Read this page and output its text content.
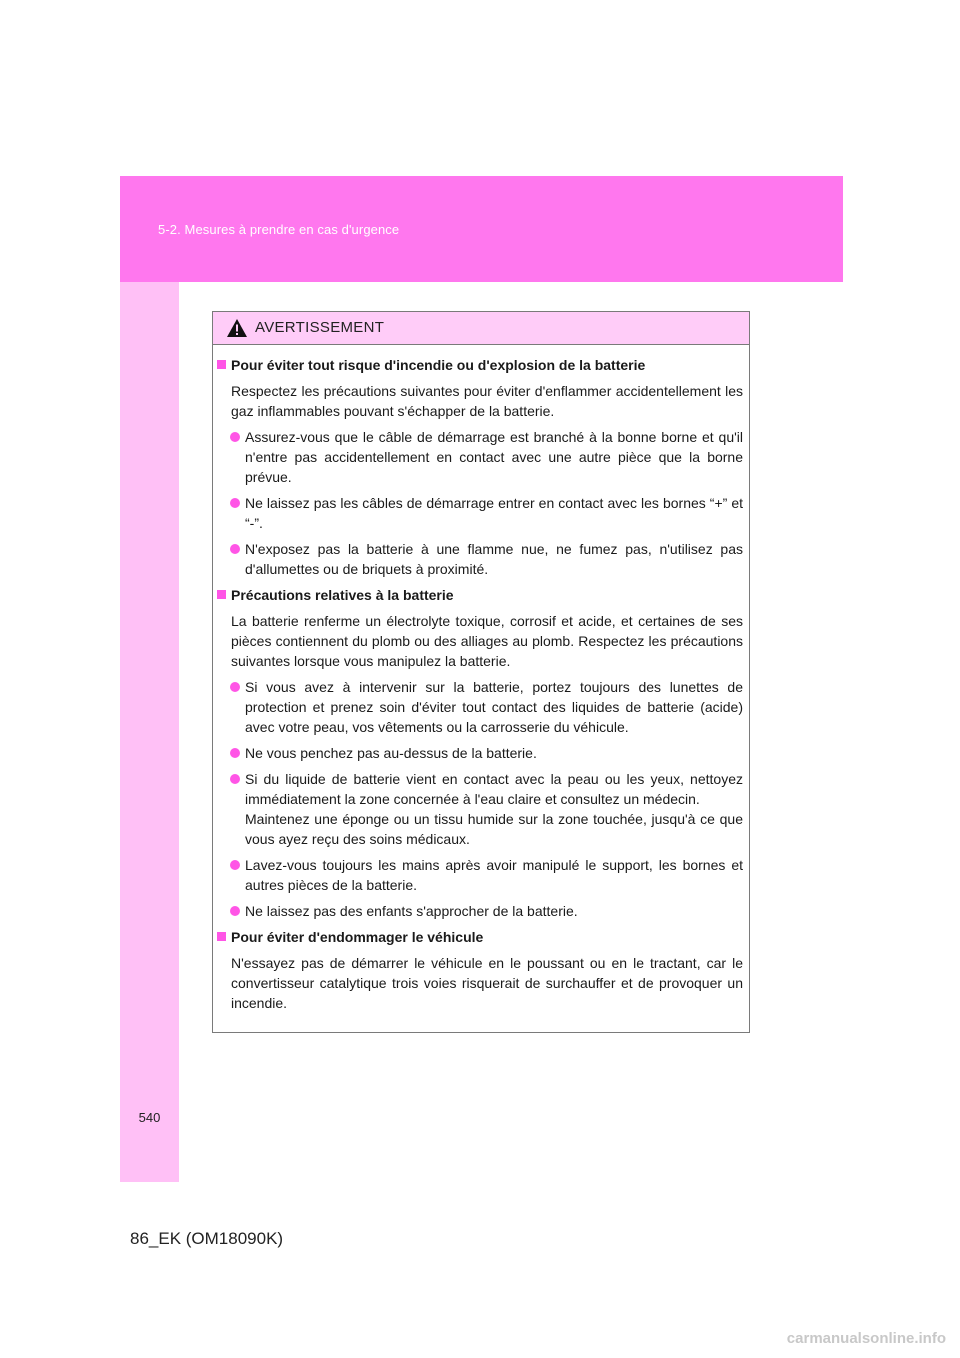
5-2. Mesures à prendre en cas d'urgence
540
AVERTISSEMENT
Pour éviter tout risque d'incendie ou d'explosion de la batterie
Respectez les précautions suivantes pour éviter d'enflammer accidentellement les gaz inflammables pouvant s'échapper de la batterie.
Assurez-vous que le câble de démarrage est branché à la bonne borne et qu'il n'entre pas accidentellement en contact avec une autre pièce que la borne prévue.
Ne laissez pas les câbles de démarrage entrer en contact avec les bornes “+” et “-”.
N'exposez pas la batterie à une flamme nue, ne fumez pas, n'utilisez pas d'allumettes ou de briquets à proximité.
Précautions relatives à la batterie
La batterie renferme un électrolyte toxique, corrosif et acide, et certaines de ses pièces contiennent du plomb ou des alliages au plomb. Respectez les précautions suivantes lorsque vous manipulez la batterie.
Si vous avez à intervenir sur la batterie, portez toujours des lunettes de protection et prenez soin d'éviter tout contact des liquides de batterie (acide) avec votre peau, vos vêtements ou la carrosserie du véhicule.
Ne vous penchez pas au-dessus de la batterie.
Si du liquide de batterie vient en contact avec la peau ou les yeux, nettoyez immédiatement la zone concernée à l'eau claire et consultez un médecin.
Maintenez une éponge ou un tissu humide sur la zone touchée, jusqu'à ce que vous ayez reçu des soins médicaux.
Lavez-vous toujours les mains après avoir manipulé le support, les bornes et autres pièces de la batterie.
Ne laissez pas des enfants s'approcher de la batterie.
Pour éviter d'endommager le véhicule
N'essayez pas de démarrer le véhicule en le poussant ou en le tractant, car le convertisseur catalytique trois voies risquerait de surchauffer et de provoquer un incendie.
86_EK (OM18090K)
carmanualsonline.info
